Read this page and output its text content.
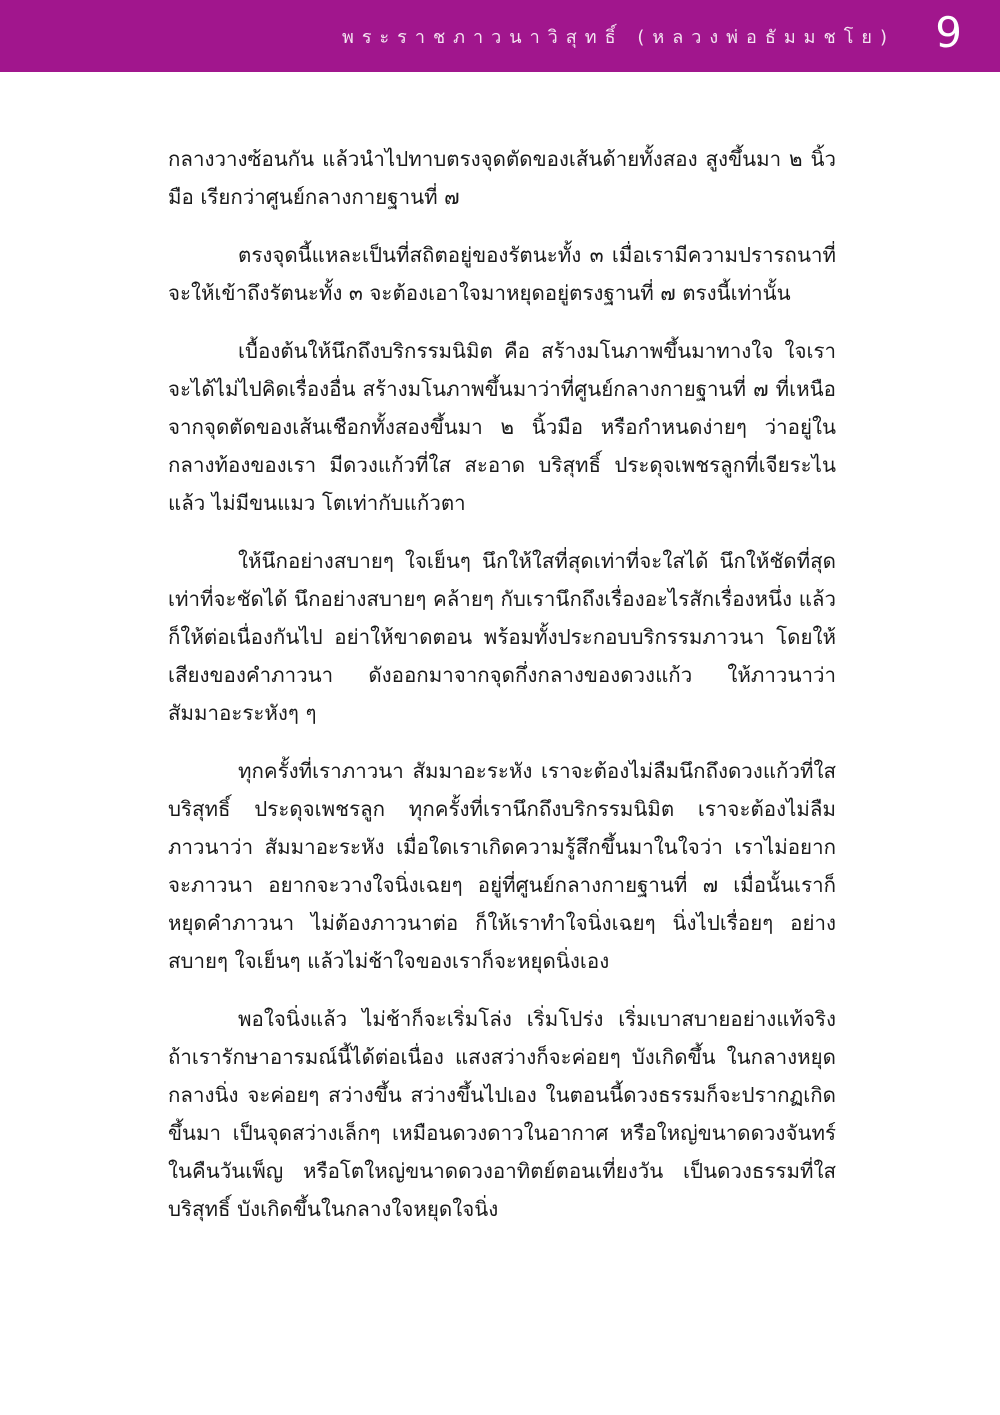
พระราชภาวนาวิสุทธิ์ (หลวงพ่อธัมมชโย) 9

กลางวางซ้อนกัน แล้วนำไปทาบตรงจุดตัดของเส้นด้ายทั้งสอง สูงขึ้นมา ๒ นิ้วมือ เรียกว่าศูนย์กลางกายฐานที่ ๗

ตรงจุดนี้แหละเป็นที่สถิตอยู่ของรัตนะทั้ง ๓ เมื่อเรามีความปรารถนาที่จะให้เข้าถึงรัตนะทั้ง ๓ จะต้องเอาใจมาหยุดอยู่ตรงฐานที่ ๗ ตรงนี้เท่านั้น

เบื้องต้นให้นึกถึงบริกรรมนิมิต คือ สร้างมโนภาพขึ้นมาทางใจ ใจเราจะได้ไม่ไปคิดเรื่องอื่น สร้างมโนภาพขึ้นมาว่าที่ศูนย์กลางกายฐานที่ ๗ ที่เหนือจากจุดตัดของเส้นเชือกทั้งสองขึ้นมา ๒ นิ้วมือ หรือกำหนดง่ายๆ ว่าอยู่ในกลางท้องของเรา มีดวงแก้วที่ใส สะอาด บริสุทธิ์ ประดุจเพชรลูกที่เจียระไนแล้ว ไม่มีขนแมว โตเท่ากับแก้วตา

ให้นึกอย่างสบายๆ ใจเย็นๆ นึกให้ใสที่สุดเท่าที่จะใสได้ นึกให้ชัดที่สุดเท่าที่จะชัดได้ นึกอย่างสบายๆ คล้ายๆ กับเรานึกถึงเรื่องอะไรสักเรื่องหนึ่ง แล้วก็ให้ต่อเนื่องกันไป อย่าให้ขาดตอน พร้อมทั้งประกอบบริกรรมภาวนา โดยให้เสียงของคำภาวนา ดังออกมาจากจุดกึ่งกลางของดวงแก้ว ให้ภาวนาว่า สัมมาอะระหังๆ ๆ

ทุกครั้งที่เราภาวนา สัมมาอะระหัง เราจะต้องไม่ลืมนึกถึงดวงแก้วที่ใสบริสุทธิ์ ประดุจเพชรลูก ทุกครั้งที่เรานึกถึงบริกรรมนิมิต เราจะต้องไม่ลืมภาวนาว่า สัมมาอะระหัง เมื่อใดเราเกิดความรู้สึกขึ้นมาในใจว่า เราไม่อยากจะภาวนา อยากจะวางใจนิ่งเฉยๆ อยู่ที่ศูนย์กลางกายฐานที่ ๗ เมื่อนั้นเราก็หยุดคำภาวนา ไม่ต้องภาวนาต่อ ก็ให้เราทำใจนิ่งเฉยๆ นิ่งไปเรื่อยๆ อย่างสบายๆ ใจเย็นๆ แล้วไม่ช้าใจของเราก็จะหยุดนิ่งเอง

พอใจนิ่งแล้ว ไม่ช้าก็จะเริ่มโล่ง เริ่มโปร่ง เริ่มเบาสบายอย่างแท้จริง ถ้าเรารักษาอารมณ์นี้ได้ต่อเนื่อง แสงสว่างก็จะค่อยๆ บังเกิดขึ้น ในกลางหยุดกลางนิ่ง จะค่อยๆ สว่างขึ้น สว่างขึ้นไปเอง ในตอนนี้ดวงธรรมก็จะปรากฏเกิดขึ้นมา เป็นจุดสว่างเล็กๆ เหมือนดวงดาวในอากาศ หรือใหญ่ขนาดดวงจันทร์ในคืนวันเพ็ญ หรือโตใหญ่ขนาดดวงอาทิตย์ตอนเที่ยงวัน เป็นดวงธรรมที่ใสบริสุทธิ์ บังเกิดขึ้นในกลางใจหยุดใจนิ่ง
